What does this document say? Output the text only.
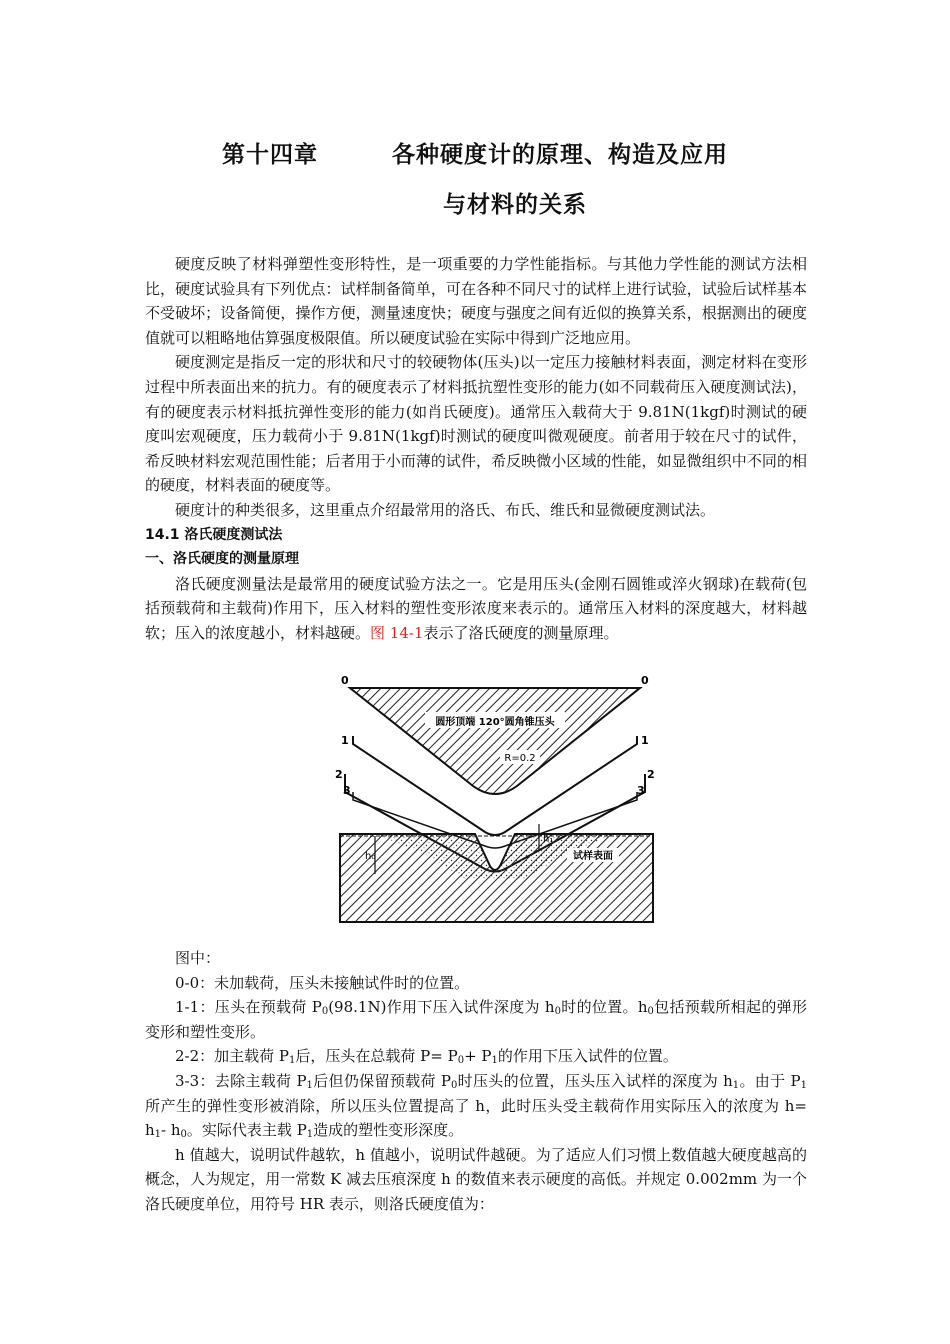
第十四章	各种硬度计的原理、构造及应用
与材料的关系

硬度反映了材料弹塑性变形特性，是一项重要的力学性能指标。与其他力学性能的测试方法相比，硬度试验具有下列优点：试样制备简单，可在各种不同尺寸的试样上进行试验，试验后试样基本不受破坏；设备简便，操作方便，测量速度快；硬度与强度之间有近似的换算关系，根据测出的硬度值就可以粗略地估算强度极限值。所以硬度试验在实际中得到广泛地应用。

硬度测定是指反一定的形状和尺寸的较硬物体(压头)以一定压力接触材料表面，测定材料在变形过程中所表面出来的抗力。有的硬度表示了材料抵抗塑性变形的能力(如不同载荷压入硬度测试法)，有的硬度表示材料抵抗弹性变形的能力(如肖氏硬度)。通常压入载荷大于 9.81N(1kgf)时测试的硬度叫宏观硬度，压力载荷小于 9.81N(1kgf)时测试的硬度叫微观硬度。前者用于较在尺寸的试件，希反映材料宏观范围性能；后者用于小而薄的试件，希反映微小区域的性能，如显微组织中不同的相的硬度，材料表面的硬度等。

硬度计的种类很多，这里重点介绍最常用的洛氏、布氏、维氏和显微硬度测试法。

14.1 洛氏硬度测试法

一、洛氏硬度的测量原理

洛氏硬度测量法是最常用的硬度试验方法之一。它是用压头(金刚石圆锥或淬火钢球)在载荷(包括预载荷和主载荷)作用下，压入材料的塑性变形浓度来表示的。通常压入材料的深度越大，材料越软；压入的浓度越小，材料越硬。图 14-1表示了洛氏硬度的测量原理。

圆形顶端 120°圆角锥压头
R=0.2
试样表面
h₀
h₁
0	0
1	1
2	2
3	3

图中：

0-0：未加载荷，压头未接触试件时的位置。

1-1：压头在预载荷 $P_0(98.1N)$作用下压入试件深度为 $h_0$时的位置。$h_0$包括预载所相起的弹形变形和塑性变形。

2-2：加主载荷 $P_1$后，压头在总载荷 $P= P_0+ P_1$的作用下压入试件的位置。

3-3：去除主载荷 $P_1$后但仍保留预载荷 $P_0$时压头的位置，压头压入试样的深度为 $h_1$。由于 $P_1$所产生的弹性变形被消除，所以压头位置提高了 h，此时压头受主载荷作用实际压入的浓度为 $h= h_1-$ $h_0$。实际代表主载 $P_1$造成的塑性变形深度。

h 值越大，说明试件越软，h 值越小，说明试件越硬。为了适应人们习惯上数值越大硬度越高的概念，人为规定，用一常数 K 减去压痕深度 h 的数值来表示硬度的高低。并规定 0.002mm 为一个洛氏硬度单位，用符号 HR 表示，则洛氏硬度值为：
